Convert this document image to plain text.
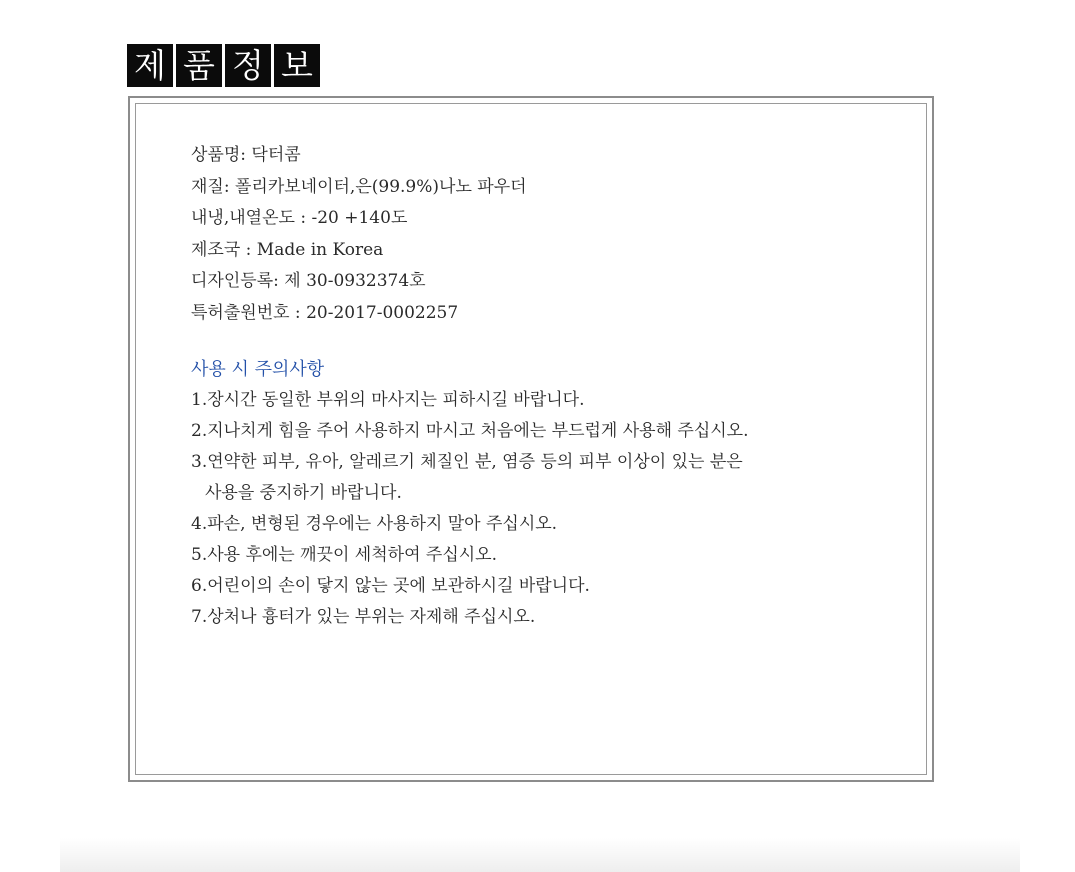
제 품 정 보
상품명: 닥터콤
재질: 폴리카보네이터,은(99.9%)나노 파우더
내냉,내열온도 : -20 +140도
제조국 : Made in Korea
디자인등록: 제 30-0932374호
특허출원번호 : 20-2017-0002257
사용 시 주의사항
1.장시간 동일한 부위의 마사지는 피하시길 바랍니다.
2.지나치게 힘을 주어 사용하지 마시고 처음에는 부드럽게 사용해 주십시오.
3.연약한 피부, 유아, 알레르기 체질인 분, 염증 등의 피부 이상이 있는 분은
사용을 중지하기 바랍니다.
4.파손, 변형된 경우에는 사용하지 말아 주십시오.
5.사용 후에는 깨끗이 세척하여 주십시오.
6.어린이의 손이 닿지 않는 곳에 보관하시길 바랍니다.
7.상처나 흉터가 있는 부위는 자제해 주십시오.
